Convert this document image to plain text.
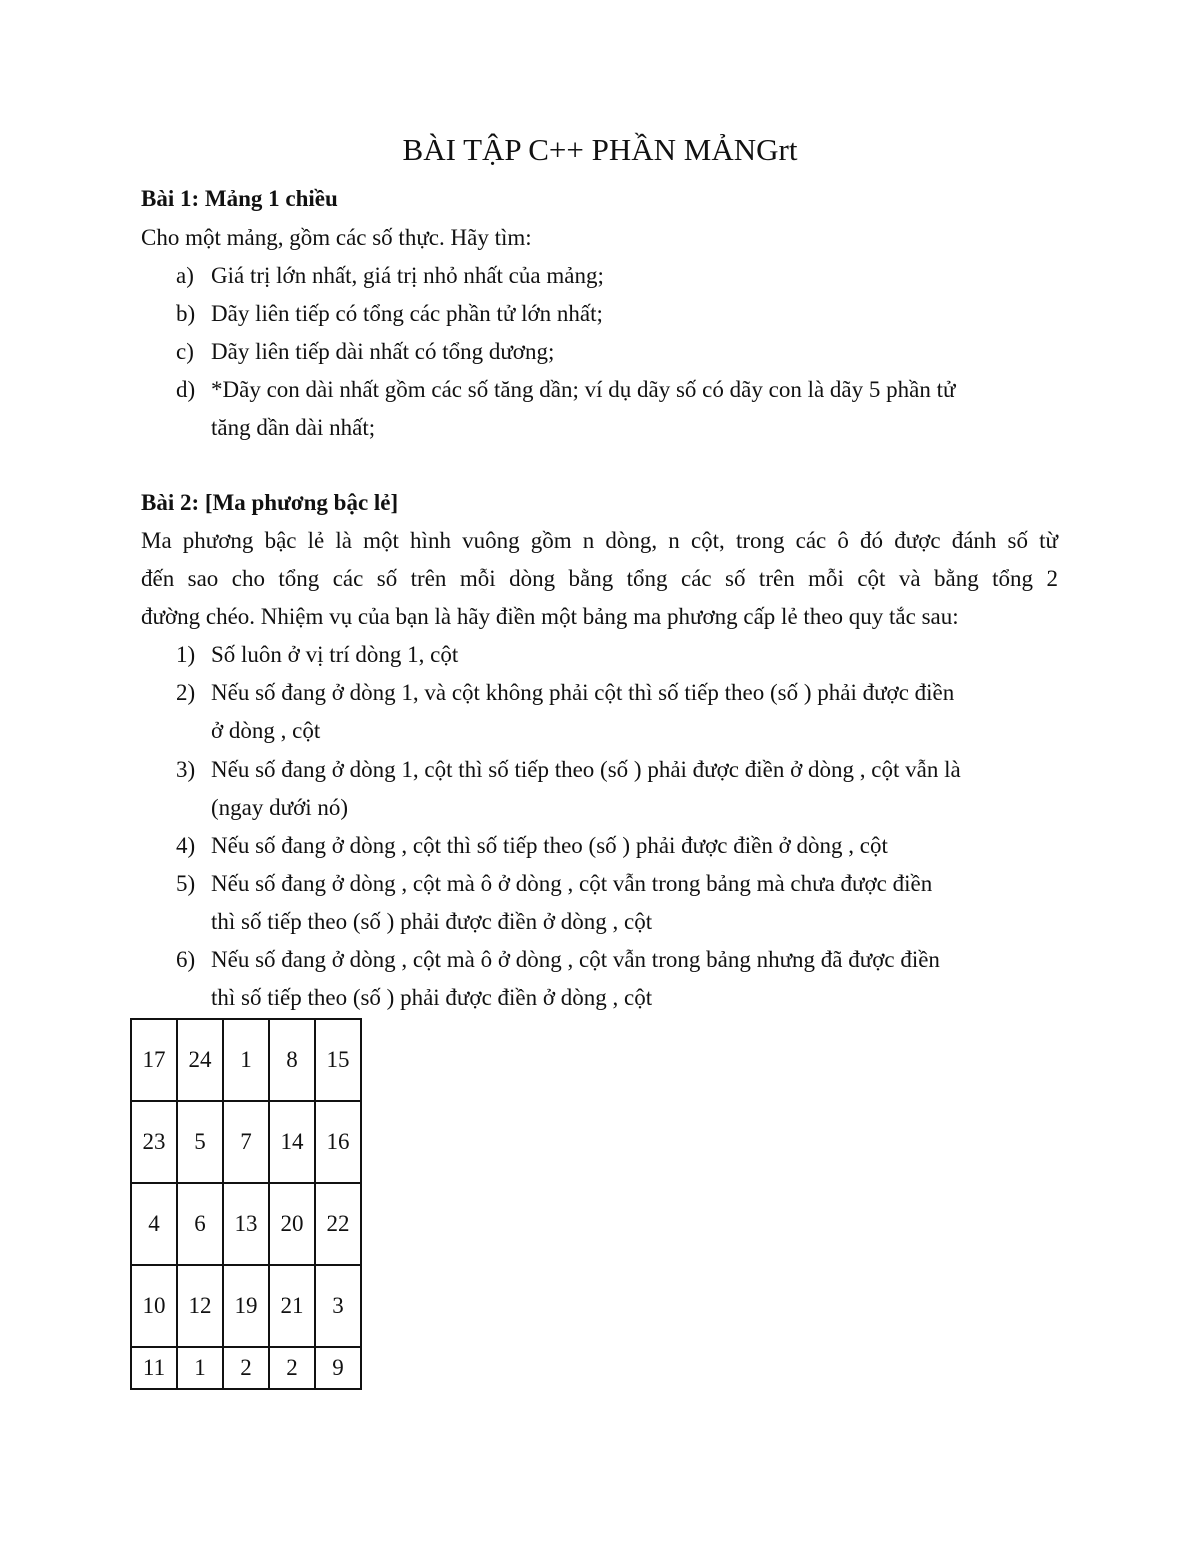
BÀI TẬP C++ PHẦN MẢNGrt
Bài 1: Mảng 1 chiều
Cho một mảng, gồm các số thực. Hãy tìm:
a) Giá trị lớn nhất, giá trị nhỏ nhất của mảng;
b) Dãy liên tiếp có tổng các phần tử lớn nhất;
c) Dãy liên tiếp dài nhất có tổng dương;
d) *Dãy con dài nhất gồm các số tăng dần; ví dụ dãy số có dãy con là dãy 5 phần tử
tăng dần dài nhất;
Bài 2: [Ma phương bậc lẻ]
Ma phương bậc lẻ là một hình vuông gồm n dòng, n cột, trong các ô đó được đánh số từ
đến sao cho tổng các số trên mỗi dòng bằng tổng các số trên mỗi cột và bằng tổng 2
đường chéo. Nhiệm vụ của bạn là hãy điền một bảng ma phương cấp lẻ theo quy tắc sau:
1) Số luôn ở vị trí dòng 1, cột
2) Nếu số đang ở dòng 1, và cột không phải cột thì số tiếp theo (số ) phải được điền
ở dòng , cột
3) Nếu số đang ở dòng 1, cột thì số tiếp theo (số ) phải được điền ở dòng , cột vẫn là
(ngay dưới nó)
4) Nếu số đang ở dòng , cột thì số tiếp theo (số ) phải được điền ở dòng , cột
5) Nếu số đang ở dòng , cột mà ô ở dòng , cột vẫn trong bảng mà chưa được điền
thì số tiếp theo (số ) phải được điền ở dòng , cột
6) Nếu số đang ở dòng , cột mà ô ở dòng , cột vẫn trong bảng nhưng đã được điền
thì số tiếp theo (số ) phải được điền ở dòng , cột
17	24	1	8	15
23	5	7	14	16
4	6	13	20	22
10	12	19	21	3
11	1	2	2	9
